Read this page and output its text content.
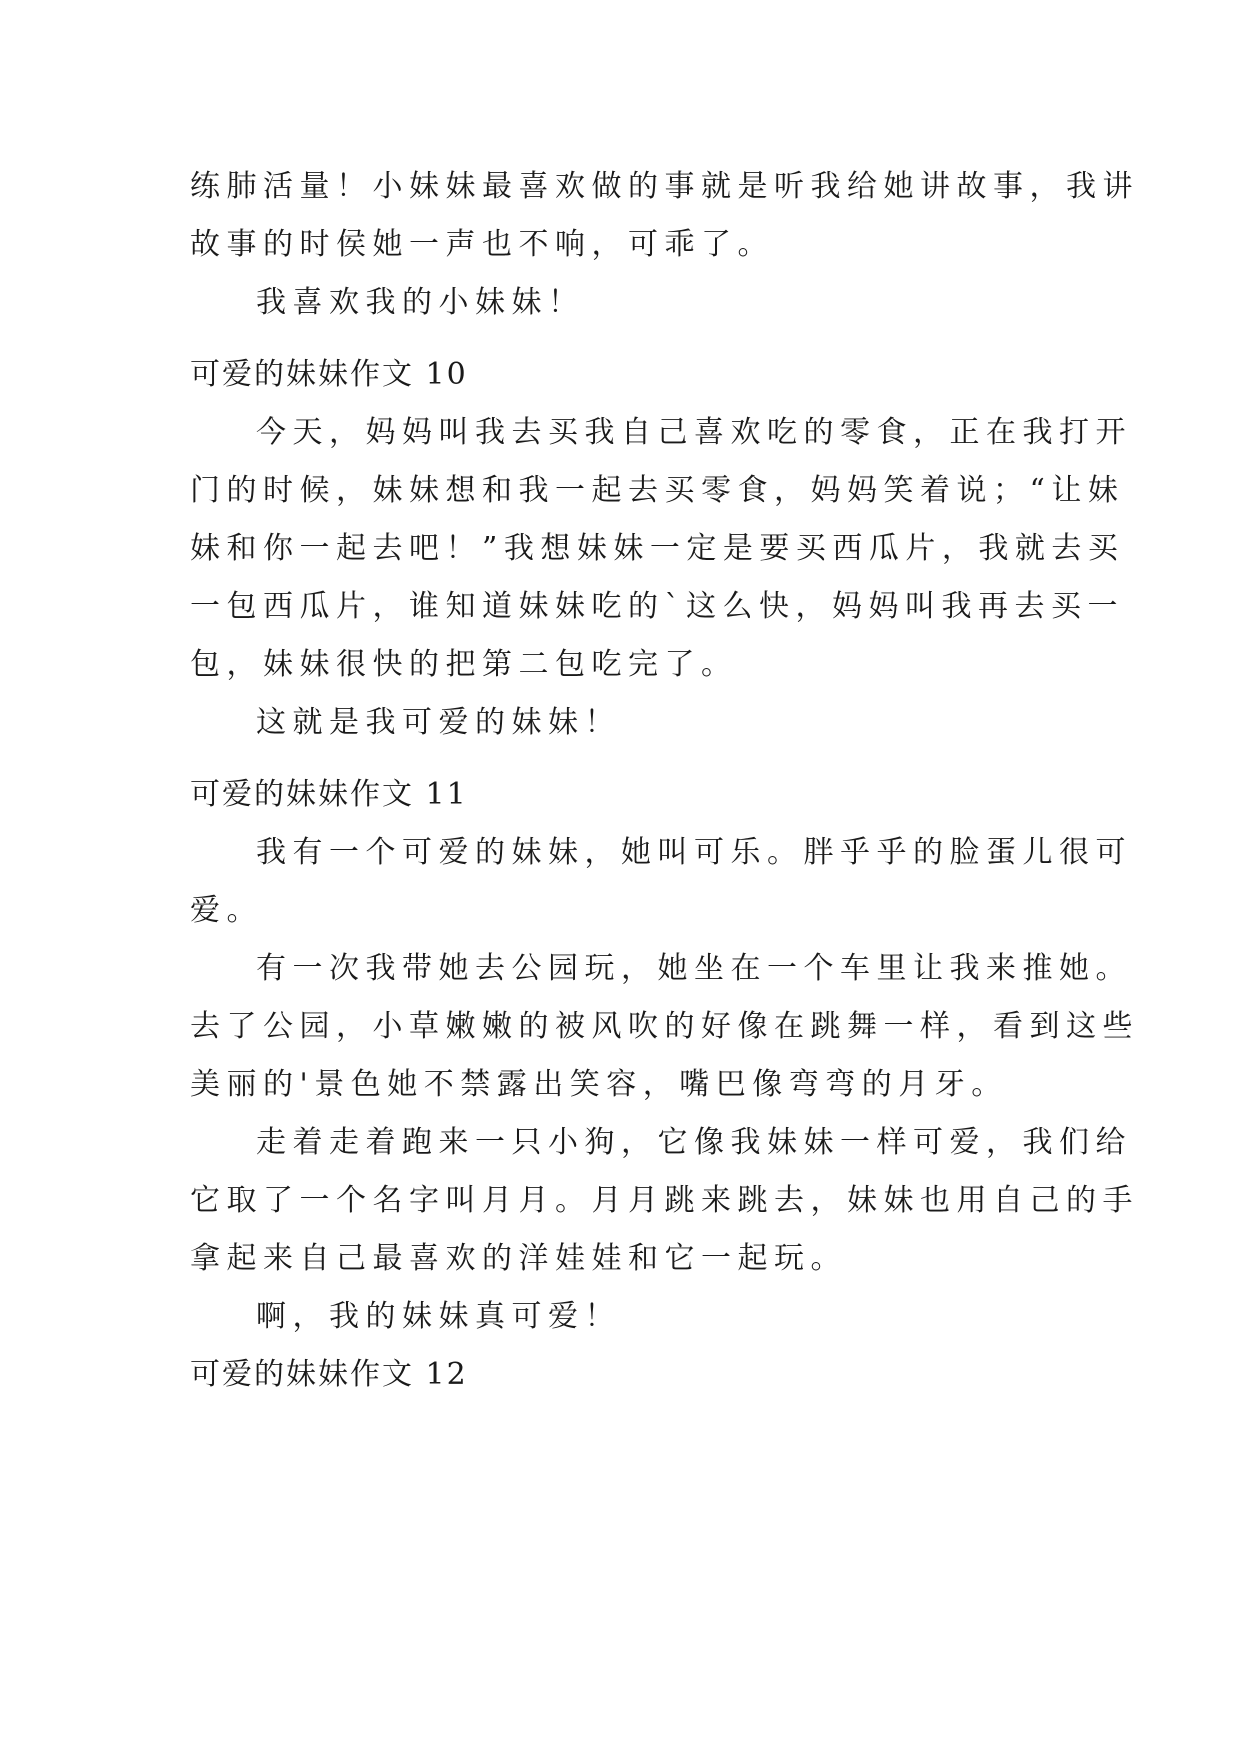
练肺活量！小妹妹最喜欢做的事就是听我给她讲故事，我讲
故事的时侯她一声也不响，可乖了。
我喜欢我的小妹妹！
可爱的妹妹作文 10
今天，妈妈叫我去买我自己喜欢吃的零食，正在我打开
门的时候，妹妹想和我一起去买零食，妈妈笑着说；“让妹
妹和你一起去吧！”我想妹妹一定是要买西瓜片，我就去买
一包西瓜片，谁知道妹妹吃的`这么快，妈妈叫我再去买一
包，妹妹很快的把第二包吃完了。
这就是我可爱的妹妹！
可爱的妹妹作文 11
我有一个可爱的妹妹，她叫可乐。胖乎乎的脸蛋儿很可
爱。
有一次我带她去公园玩，她坐在一个车里让我来推她。
去了公园，小草嫩嫩的被风吹的好像在跳舞一样，看到这些
美丽的'景色她不禁露出笑容，嘴巴像弯弯的月牙。
走着走着跑来一只小狗，它像我妹妹一样可爱，我们给
它取了一个名字叫月月。月月跳来跳去，妹妹也用自己的手
拿起来自己最喜欢的洋娃娃和它一起玩。
啊，我的妹妹真可爱！
可爱的妹妹作文 12
